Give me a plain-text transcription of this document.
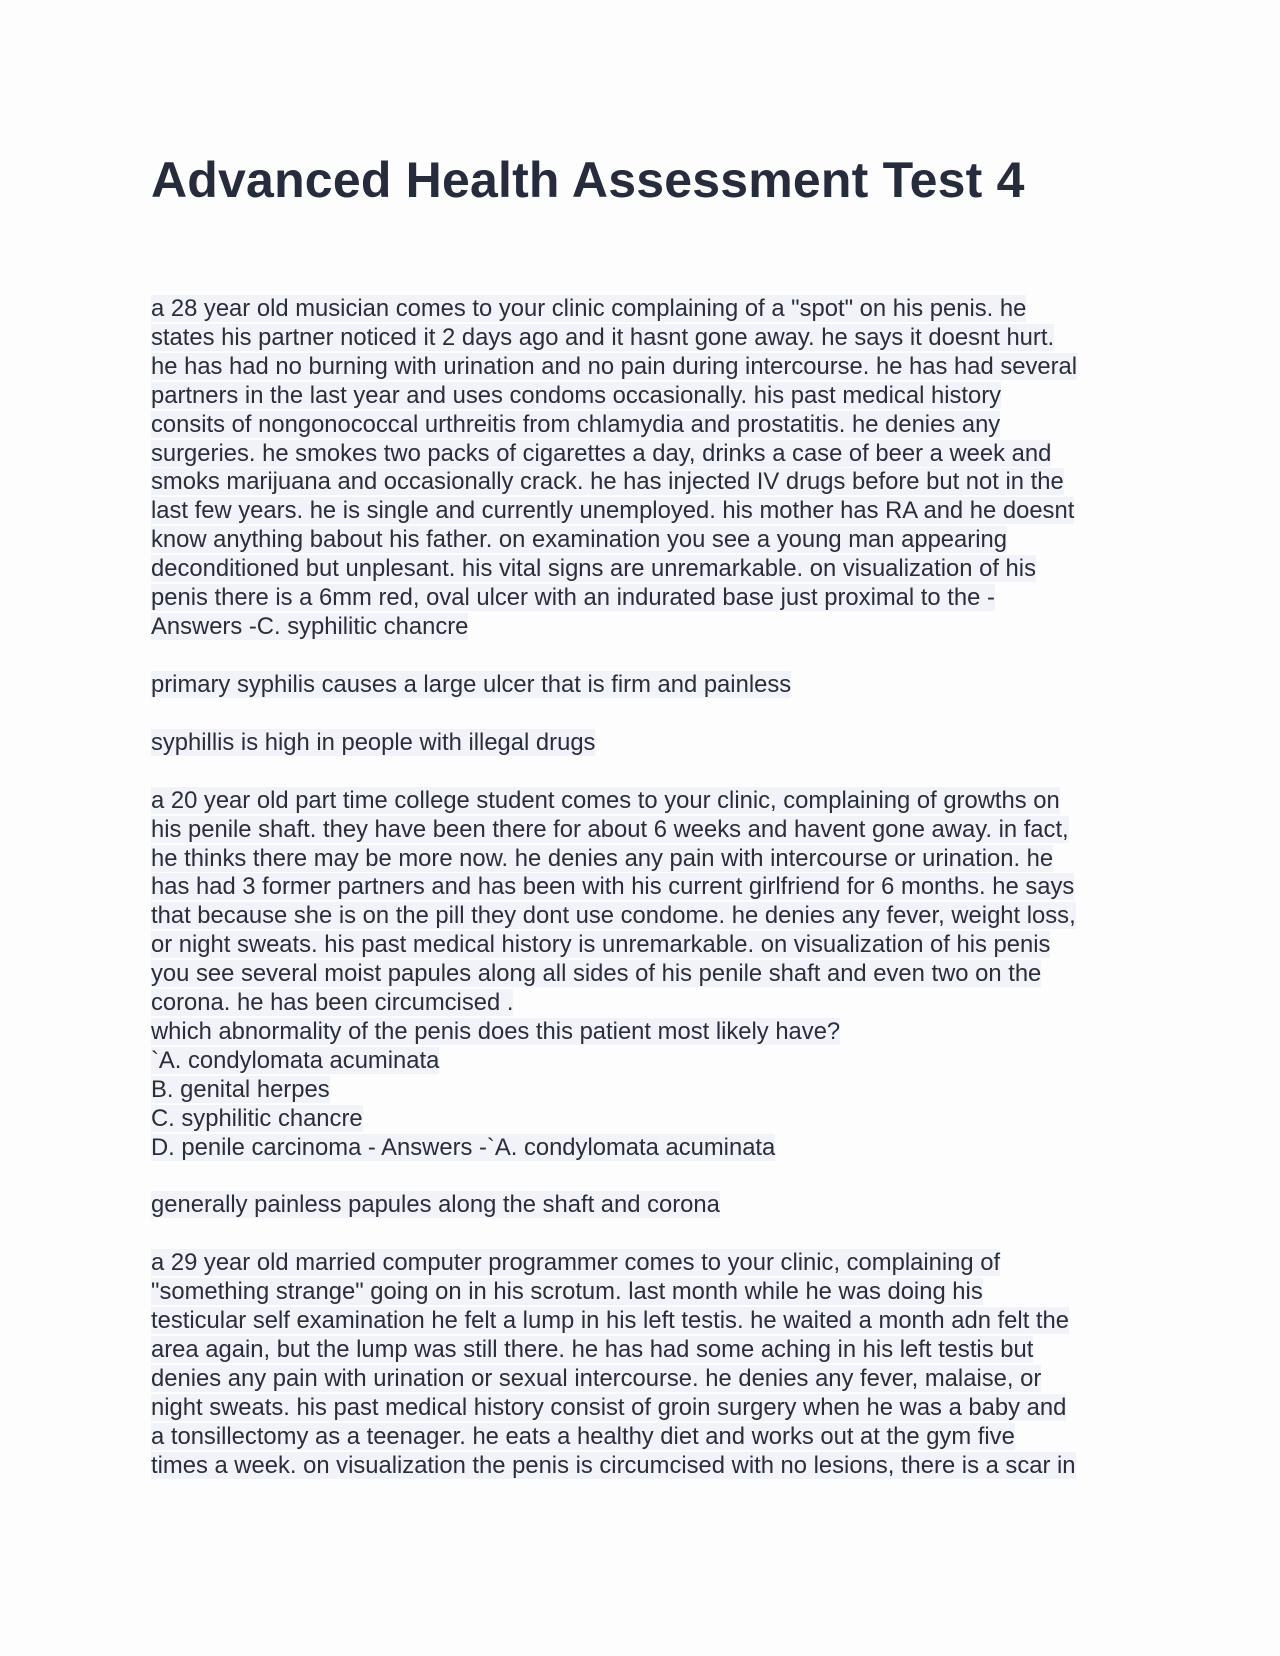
Advanced Health Assessment Test 4
a 28 year old musician comes to your clinic complaining of a "spot" on his penis. he
states his partner noticed it 2 days ago and it hasnt gone away. he says it doesnt hurt.
he has had no burning with urination and no pain during intercourse. he has had several
partners in the last year and uses condoms occasionally. his past medical history
consits of nongonococcal urthreitis from chlamydia and prostatitis. he denies any
surgeries. he smokes two packs of cigarettes a day, drinks a case of beer a week and
smoks marijuana and occasionally crack. he has injected IV drugs before but not in the
last few years. he is single and currently unemployed. his mother has RA and he doesnt
know anything babout his father. on examination you see a young man appearing
deconditioned but unplesant. his vital signs are unremarkable. on visualization of his
penis there is a 6mm red, oval ulcer with an indurated base just proximal to the -
Answers -C. syphilitic chancre
primary syphilis causes a large ulcer that is firm and painless
syphillis is high in people with illegal drugs
a 20 year old part time college student comes to your clinic, complaining of growths on
his penile shaft. they have been there for about 6 weeks and havent gone away. in fact,
he thinks there may be more now. he denies any pain with intercourse or urination. he
has had 3 former partners and has been with his current girlfriend for 6 months. he says
that because she is on the pill they dont use condome. he denies any fever, weight loss,
or night sweats. his past medical history is unremarkable. on visualization of his penis
you see several moist papules along all sides of his penile shaft and even two on the
corona. he has been circumcised .
which abnormality of the penis does this patient most likely have?
`A. condylomata acuminata
B. genital herpes
C. syphilitic chancre
D. penile carcinoma - Answers -`A. condylomata acuminata
generally painless papules along the shaft and corona
a 29 year old married computer programmer comes to your clinic, complaining of
"something strange" going on in his scrotum. last month while he was doing his
testicular self examination he felt a lump in his left testis. he waited a month adn felt the
area again, but the lump was still there. he has had some aching in his left testis but
denies any pain with urination or sexual intercourse. he denies any fever, malaise, or
night sweats. his past medical history consist of groin surgery when he was a baby and
a tonsillectomy as a teenager. he eats a healthy diet and works out at the gym five
times a week. on visualization the penis is circumcised with no lesions, there is a scar in
